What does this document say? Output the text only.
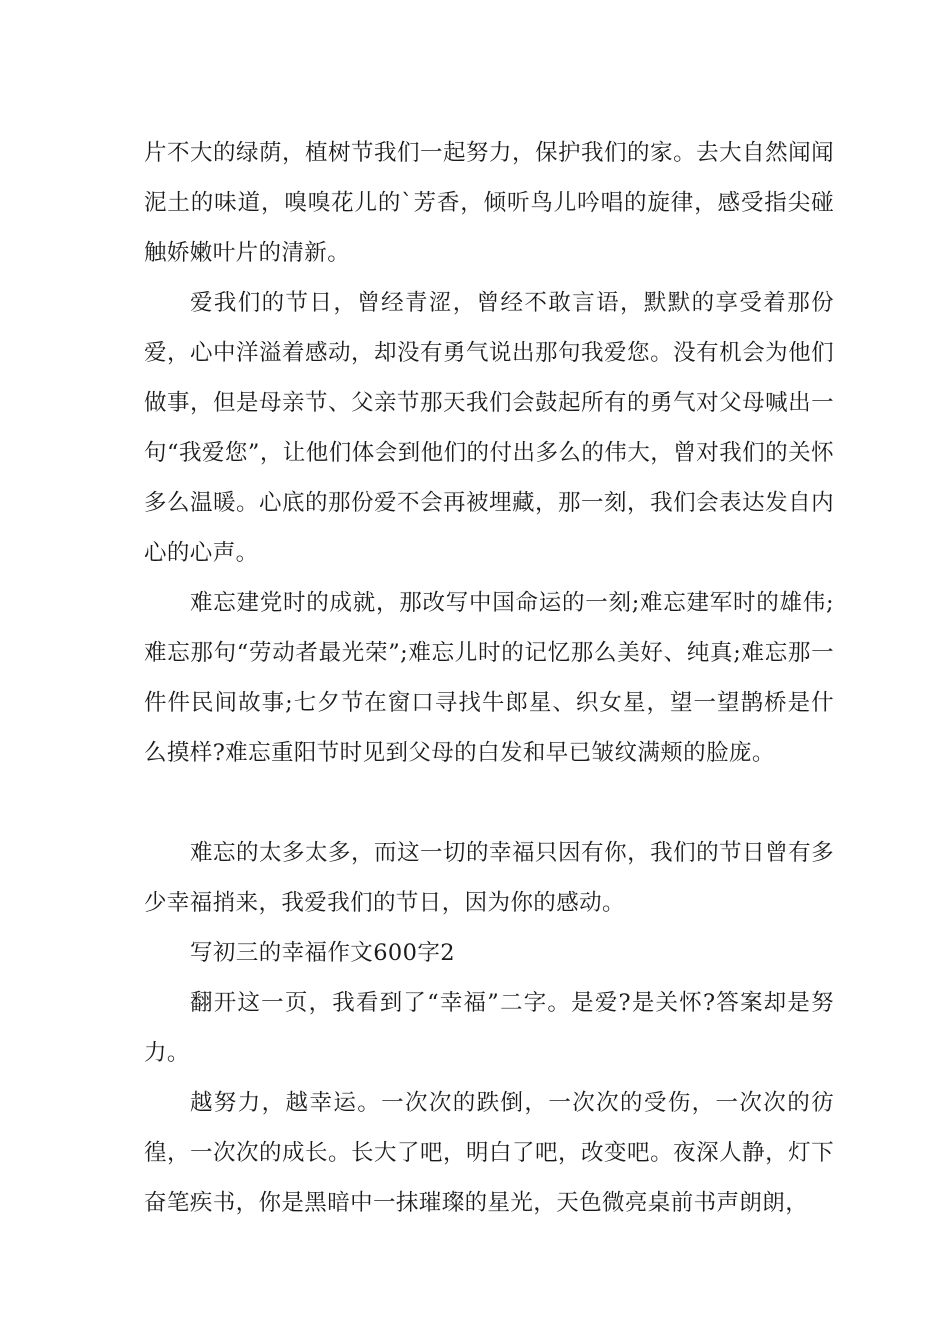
片不大的绿荫，植树节我们一起努力，保护我们的家。去大自然闻闻泥土的味道，嗅嗅花儿的`芳香，倾听鸟儿吟唱的旋律，感受指尖碰触娇嫩叶片的清新。

爱我们的节日，曾经青涩，曾经不敢言语，默默的享受着那份爱，心中洋溢着感动，却没有勇气说出那句我爱您。没有机会为他们做事，但是母亲节、父亲节那天我们会鼓起所有的勇气对父母喊出一句“我爱您”，让他们体会到他们的付出多么的伟大，曾对我们的关怀多么温暖。心底的那份爱不会再被埋藏，那一刻，我们会表达发自内心的心声。

难忘建党时的成就，那改写中国命运的一刻;难忘建军时的雄伟;难忘那句“劳动者最光荣”;难忘儿时的记忆那么美好、纯真;难忘那一件件民间故事;七夕节在窗口寻找牛郎星、织女星，望一望鹊桥是什么摸样?难忘重阳节时见到父母的白发和早已皱纹满颊的脸庞。

难忘的太多太多，而这一切的幸福只因有你，我们的节日曾有多少幸福捎来，我爱我们的节日，因为你的感动。

写初三的幸福作文600字2

翻开这一页，我看到了“幸福”二字。是爱?是关怀?答案却是努力。

越努力，越幸运。一次次的跌倒，一次次的受伤，一次次的彷徨，一次次的成长。长大了吧，明白了吧，改变吧。夜深人静，灯下奋笔疾书，你是黑暗中一抹璀璨的星光，天色微亮桌前书声朗朗，
